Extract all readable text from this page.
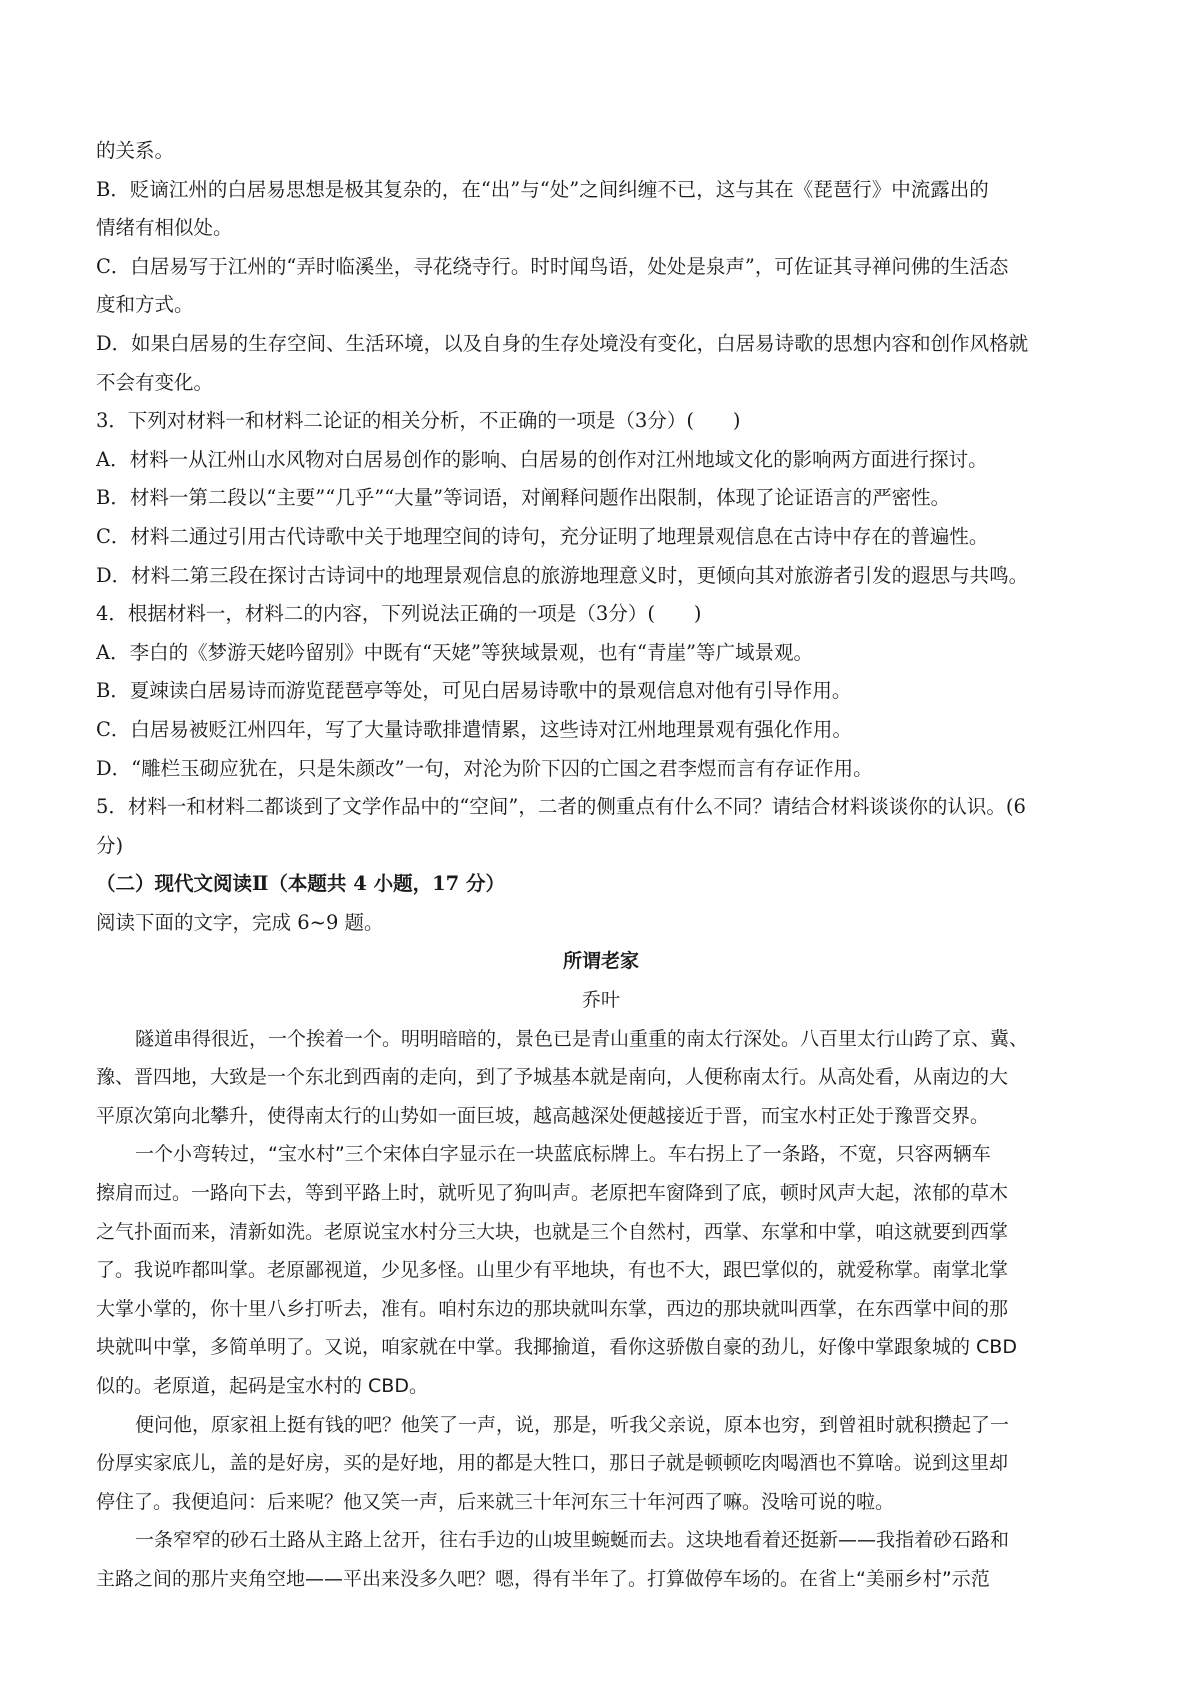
的关系。
B．贬谪江州的白居易思想是极其复杂的，在“出”与“处”之间纠缠不已，这与其在《琵琶行》中流露出的
情绪有相似处。
C．白居易写于江州的“弄时临溪坐，寻花绕寺行。时时闻鸟语，处处是泉声”，可佐证其寻禅问佛的生活态
度和方式。
D．如果白居易的生存空间、生活环境，以及自身的生存处境没有变化，白居易诗歌的思想内容和创作风格就
不会有变化。
3．下列对材料一和材料二论证的相关分析，不正确的一项是（3分）(　　)
A．材料一从江州山水风物对白居易创作的影响、白居易的创作对江州地域文化的影响两方面进行探讨。
B．材料一第二段以“主要”“几乎”“大量”等词语，对阐释问题作出限制，体现了论证语言的严密性。
C．材料二通过引用古代诗歌中关于地理空间的诗句，充分证明了地理景观信息在古诗中存在的普遍性。
D．材料二第三段在探讨古诗词中的地理景观信息的旅游地理意义时，更倾向其对旅游者引发的遐思与共鸣。
4．根据材料一，材料二的内容，下列说法正确的一项是（3分）(　　)
A．李白的《梦游天姥吟留别》中既有“天姥”等狭域景观，也有“青崖”等广域景观。
B．夏竦读白居易诗而游览琵琶亭等处，可见白居易诗歌中的景观信息对他有引导作用。
C．白居易被贬江州四年，写了大量诗歌排遣情累，这些诗对江州地理景观有强化作用。
D．“雕栏玉砌应犹在，只是朱颜改”一句，对沦为阶下囚的亡国之君李煜而言有存证作用。
5．材料一和材料二都谈到了文学作品中的“空间”，二者的侧重点有什么不同？请结合材料谈谈你的认识。(6
分)
（二）现代文阅读Ⅱ（本题共 4 小题，17 分）
阅读下面的文字，完成 6~9 题。
所谓老家
乔叶
隧道串得很近，一个挨着一个。明明暗暗的，景色已是青山重重的南太行深处。八百里太行山跨了京、冀、
豫、晋四地，大致是一个东北到西南的走向，到了予城基本就是南向，人便称南太行。从高处看，从南边的大
平原次第向北攀升，使得南太行的山势如一面巨坡，越高越深处便越接近于晋，而宝水村正处于豫晋交界。
一个小弯转过，“宝水村”三个宋体白字显示在一块蓝底标牌上。车右拐上了一条路，不宽，只容两辆车
擦肩而过。一路向下去，等到平路上时，就听见了狗叫声。老原把车窗降到了底，顿时风声大起，浓郁的草木
之气扑面而来，清新如洗。老原说宝水村分三大块，也就是三个自然村，西掌、东掌和中掌，咱这就要到西掌
了。我说咋都叫掌。老原鄙视道，少见多怪。山里少有平地块，有也不大，跟巴掌似的，就爱称掌。南掌北掌
大掌小掌的，你十里八乡打听去，准有。咱村东边的那块就叫东掌，西边的那块就叫西掌，在东西掌中间的那
块就叫中掌，多简单明了。又说，咱家就在中掌。我揶揄道，看你这骄傲自豪的劲儿，好像中掌跟象城的 CBD
似的。老原道，起码是宝水村的 CBD。
便问他，原家祖上挺有钱的吧？他笑了一声，说，那是，听我父亲说，原本也穷，到曾祖时就积攒起了一
份厚实家底儿，盖的是好房，买的是好地，用的都是大牲口，那日子就是顿顿吃肉喝酒也不算啥。说到这里却
停住了。我便追问：后来呢？他又笑一声，后来就三十年河东三十年河西了嘛。没啥可说的啦。
一条窄窄的砂石土路从主路上岔开，往右手边的山坡里蜿蜒而去。这块地看着还挺新——我指着砂石路和
主路之间的那片夹角空地——平出来没多久吧？嗯，得有半年了。打算做停车场的。在省上“美丽乡村”示范
